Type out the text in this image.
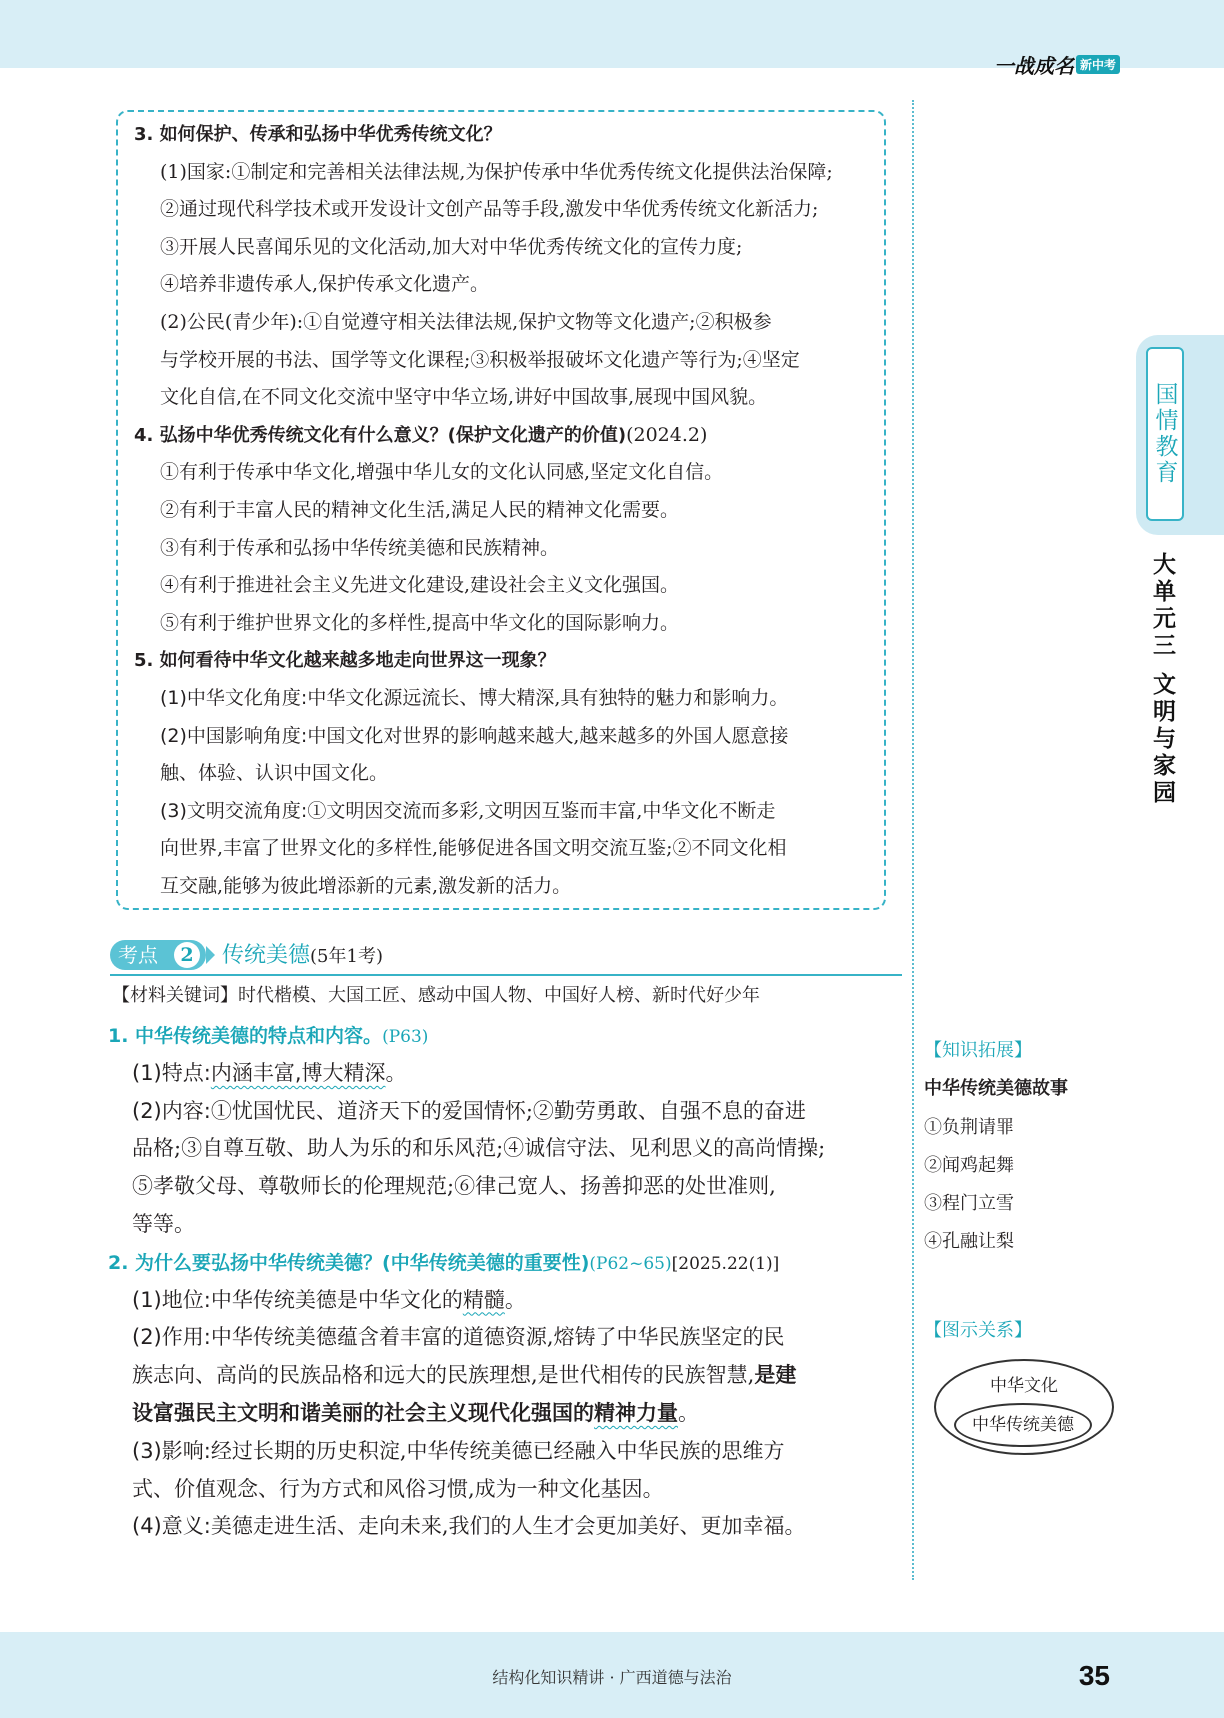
一战成名 新中考
国情教育
大单元三 文明与家园
3. 如何保护、传承和弘扬中华优秀传统文化？
(1)国家:①制定和完善相关法律法规,为保护传承中华优秀传统文化提供法治保障;
②通过现代科学技术或开发设计文创产品等手段,激发中华优秀传统文化新活力;
③开展人民喜闻乐见的文化活动,加大对中华优秀传统文化的宣传力度;
④培养非遗传承人,保护传承文化遗产。
(2)公民(青少年):①自觉遵守相关法律法规,保护文物等文化遗产;②积极参
与学校开展的书法、国学等文化课程;③积极举报破坏文化遗产等行为;④坚定
文化自信,在不同文化交流中坚守中华立场,讲好中国故事,展现中国风貌。
4. 弘扬中华优秀传统文化有什么意义？(保护文化遗产的价值)(2024.2)
①有利于传承中华文化,增强中华儿女的文化认同感,坚定文化自信。
②有利于丰富人民的精神文化生活,满足人民的精神文化需要。
③有利于传承和弘扬中华传统美德和民族精神。
④有利于推进社会主义先进文化建设,建设社会主义文化强国。
⑤有利于维护世界文化的多样性,提高中华文化的国际影响力。
5. 如何看待中华文化越来越多地走向世界这一现象？
(1)中华文化角度:中华文化源远流长、博大精深,具有独特的魅力和影响力。
(2)中国影响角度:中国文化对世界的影响越来越大,越来越多的外国人愿意接
触、体验、认识中国文化。
(3)文明交流角度:①文明因交流而多彩,文明因互鉴而丰富,中华文化不断走
向世界,丰富了世界文化的多样性,能够促进各国文明交流互鉴;②不同文化相
互交融,能够为彼此增添新的元素,激发新的活力。
考点	2 传统美德(5年1考)
【材料关键词】时代楷模、大国工匠、感动中国人物、中国好人榜、新时代好少年
1. 中华传统美德的特点和内容。(P63)
(1)特点:内涵丰富,博大精深。
(2)内容:①忧国忧民、道济天下的爱国情怀;②勤劳勇敢、自强不息的奋进
品格;③自尊互敬、助人为乐的和乐风范;④诚信守法、见利思义的高尚情操;
⑤孝敬父母、尊敬师长的伦理规范;⑥律己宽人、扬善抑恶的处世准则,
等等。
2. 为什么要弘扬中华传统美德？(中华传统美德的重要性)(P62~65)[2025.22(1)]
(1)地位:中华传统美德是中华文化的精髓。
(2)作用:中华传统美德蕴含着丰富的道德资源,熔铸了中华民族坚定的民
族志向、高尚的民族品格和远大的民族理想,是世代相传的民族智慧,是建
设富强民主文明和谐美丽的社会主义现代化强国的精神力量。
(3)影响:经过长期的历史积淀,中华传统美德已经融入中华民族的思维方
式、价值观念、行为方式和风俗习惯,成为一种文化基因。
(4)意义:美德走进生活、走向未来,我们的人生才会更加美好、更加幸福。
【知识拓展】
中华传统美德故事
①负荆请罪
②闻鸡起舞
③程门立雪
④孔融让梨
【图示关系】
中华文化
中华传统美德
结构化知识精讲 · 广西道德与法治	35
